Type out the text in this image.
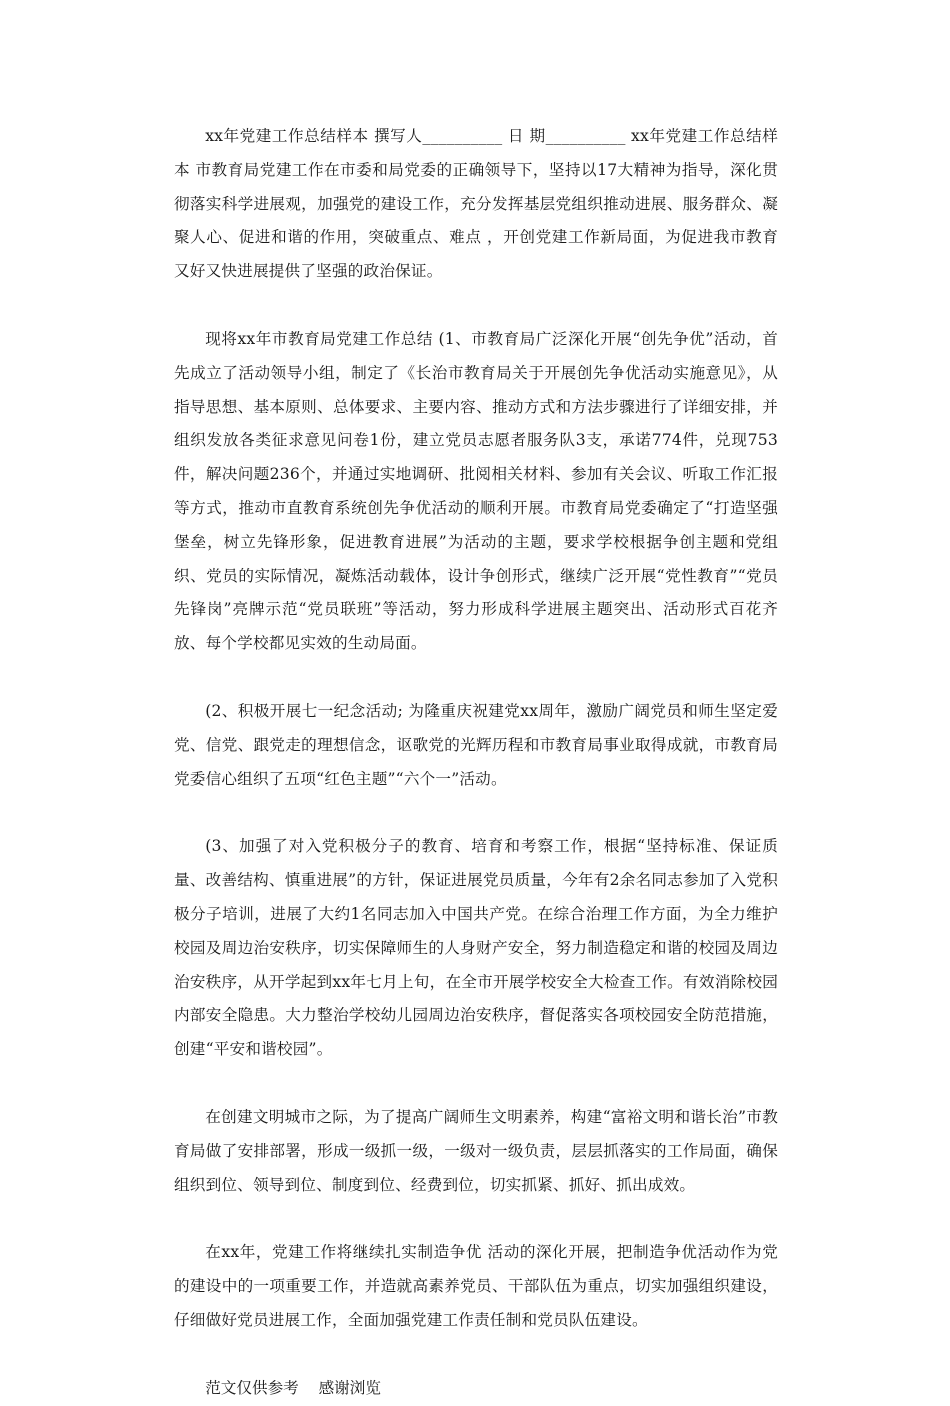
xx年党建工作总结样本 撰写人__________ 日 期__________ xx年党建工作总结样本 市教育局党建工作在市委和局党委的正确领导下，坚持以17大精神为指导，深化贯彻落实科学进展观，加强党的建设工作，充分发挥基层党组织推动进展、服务群众、凝聚人心、促进和谐的作用，突破重点、难点 ，开创党建工作新局面，为促进我市教育又好又快进展提供了坚强的政治保证。

现将xx年市教育局党建工作总结 (1、市教育局广泛深化开展“创先争优”活动，首先成立了活动领导小组，制定了《长治市教育局关于开展创先争优活动实施意见》，从指导思想、基本原则、总体要求、主要内容、推动方式和方法步骤进行了详细安排，并组织发放各类征求意见问卷1份，建立党员志愿者服务队3支，承诺774件，兑现753件，解决问题236个，并通过实地调研、批阅相关材料、参加有关会议、听取工作汇报等方式，推动市直教育系统创先争优活动的顺利开展。市教育局党委确定了“打造坚强堡垒，树立先锋形象，促进教育进展”为活动的主题，要求学校根据争创主题和党组织、党员的实际情况，凝炼活动载体，设计争创形式，继续广泛开展“党性教育”“党员先锋岗”亮牌示范“党员联班”等活动，努力形成科学进展主题突出、活动形式百花齐放、每个学校都见实效的生动局面。

(2、积极开展七一纪念活动; 为隆重庆祝建党xx周年，激励广阔党员和师生坚定爱党、信党、跟党走的理想信念，讴歌党的光辉历程和市教育局事业取得成就，市教育局党委信心组织了五项“红色主题”“六个一”活动。

(3、加强了对入党积极分子的教育、培育和考察工作，根据“坚持标准、保证质量、改善结构、慎重进展”的方针，保证进展党员质量，今年有2余名同志参加了入党积极分子培训，进展了大约1名同志加入中国共产党。在综合治理工作方面，为全力维护校园及周边治安秩序，切实保障师生的人身财产安全，努力制造稳定和谐的校园及周边治安秩序，从开学起到xx年七月上旬，在全市开展学校安全大检查工作。有效消除校园内部安全隐患。大力整治学校幼儿园周边治安秩序，督促落实各项校园安全防范措施，创建“平安和谐校园”。

在创建文明城市之际，为了提高广阔师生文明素养，构建“富裕文明和谐长治”市教育局做了安排部署，形成一级抓一级，一级对一级负责，层层抓落实的工作局面，确保组织到位、领导到位、制度到位、经费到位，切实抓紧、抓好、抓出成效。

在xx年，党建工作将继续扎实制造争优 活动的深化开展，把制造争优活动作为党的建设中的一项重要工作，并造就高素养党员、干部队伍为重点，切实加强组织建设，仔细做好党员进展工作，全面加强党建工作责任制和党员队伍建设。

范文仅供参考    感谢浏览
